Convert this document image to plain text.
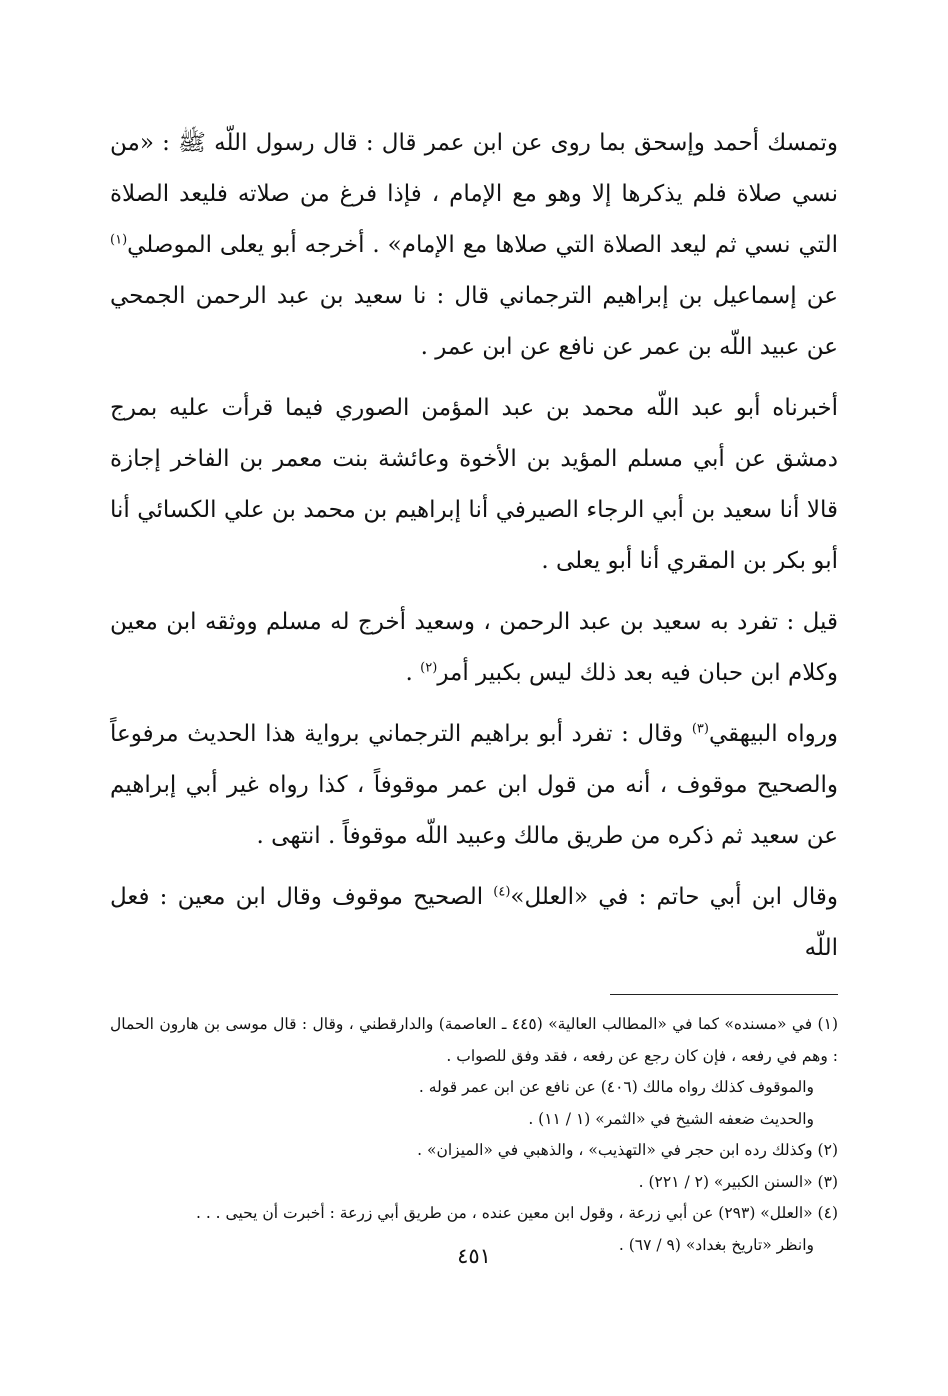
وتمسك أحمد وإسحق بما روى عن ابن عمر قال : قال رسول اللّه ﷺ : «من نسي صلاة فلم يذكرها إلا وهو مع الإمام ، فإذا فرغ من صلاته فليعد الصلاة التي نسي ثم ليعد الصلاة التي صلاها مع الإمام» . أخرجه أبو يعلى الموصلي$^{(١)}$ عن إسماعيل بن إبراهيم الترجماني قال : نا سعيد بن عبد الرحمن الجمحي عن عبيد اللّه بن عمر عن نافع عن ابن عمر .

أخبرناه أبو عبد اللّه محمد بن عبد المؤمن الصوري فيما قرأت عليه بمرج دمشق عن أبي مسلم المؤيد بن الأخوة وعائشة بنت معمر بن الفاخر إجازة قالا أنا سعيد بن أبي الرجاء الصيرفي أنا إبراهيم بن محمد بن علي الكسائي أنا أبو بكر بن المقري أنا أبو يعلى .

قيل : تفرد به سعيد بن عبد الرحمن ، وسعيد أخرج له مسلم ووثقه ابن معين وكلام ابن حبان فيه بعد ذلك ليس بكبير أمر$^{(٢)}$ .

ورواه البيهقي$^{(٣)}$ وقال : تفرد أبو براهيم الترجماني برواية هذا الحديث مرفوعاً والصحيح موقوف ، أنه من قول ابن عمر موقوفاً ، كذا رواه غير أبي إبراهيم عن سعيد ثم ذكره من طريق مالك وعبيد اللّه موقوفاً . انتهى .

وقال ابن أبي حاتم : في «العلل»$^{(٤)}$ الصحيح موقوف وقال ابن معين : فعل اللّه

(١) في «مسنده» كما في «المطالب العالية» (٤٤٥ ـ العاصمة) والدارقطني ، وقال : قال موسى بن هارون الحمال : وهم في رفعه ، فإن كان رجع عن رفعه ، فقد وفق للصواب .

والموقوف كذلك رواه مالك (٤٠٦) عن نافع عن ابن عمر قوله .

والحديث ضعفه الشيخ في «الثمر» (١ / ١١) .

(٢) وكذلك رده ابن حجر في «التهذيب» ، والذهبي في «الميزان» .

(٣) «السنن الكبير» (٢ / ٢٢١) .

(٤) «العلل» (٢٩٣) عن أبي زرعة ، وقول ابن معين عنده ، من طريق أبي زرعة : أخبرت أن يحيى . . .

وانظر «تاريخ بغداد» (٩ / ٦٧) .

٤٥١
